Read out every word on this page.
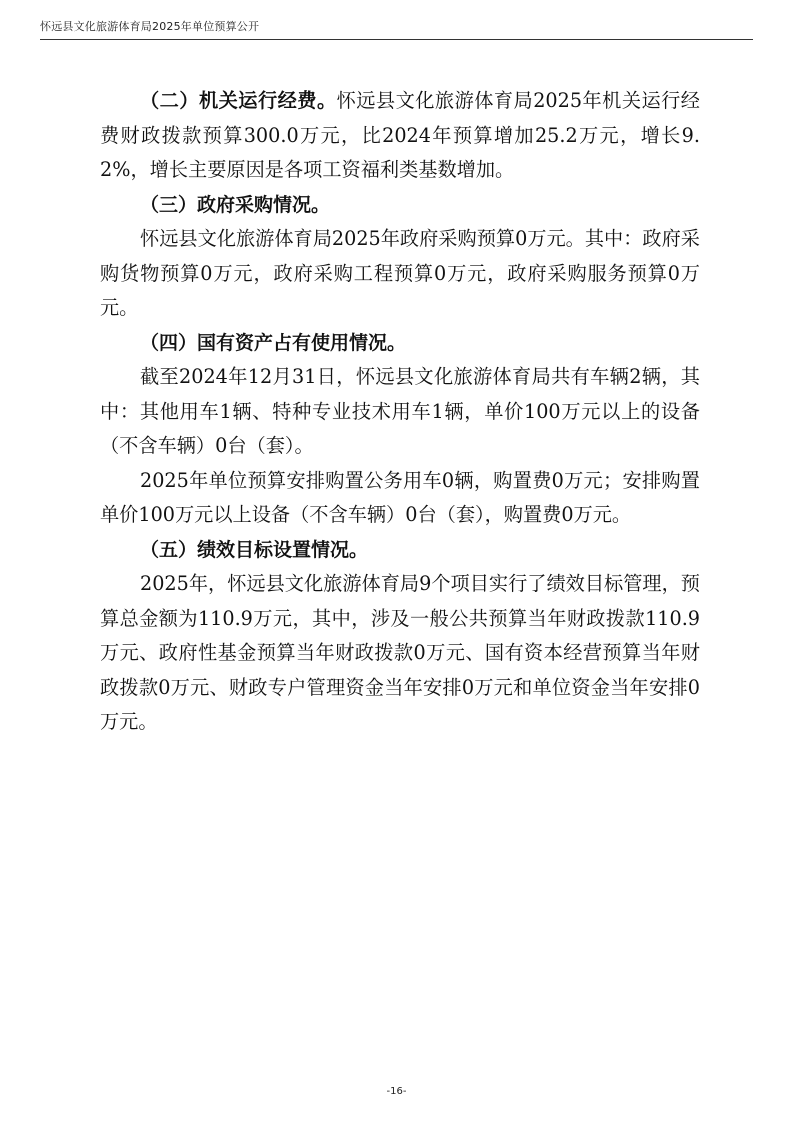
怀远县文化旅游体育局2025年单位预算公开

（二）机关运行经费。怀远县文化旅游体育局2025年机关运行经费财政拨款预算300.0万元，比2024年预算增加25.2万元，增长9.2%，增长主要原因是各项工资福利类基数增加。

（三）政府采购情况。

怀远县文化旅游体育局2025年政府采购预算0万元。其中：政府采购货物预算0万元，政府采购工程预算0万元，政府采购服务预算0万元。

（四）国有资产占有使用情况。

截至2024年12月31日，怀远县文化旅游体育局共有车辆2辆，其中：其他用车1辆、特种专业技术用车1辆，单价100万元以上的设备（不含车辆）0台（套）。

2025年单位预算安排购置公务用车0辆，购置费0万元；安排购置单价100万元以上设备（不含车辆）0台（套），购置费0万元。

（五）绩效目标设置情况。

2025年，怀远县文化旅游体育局9个项目实行了绩效目标管理，预算总金额为110.9万元，其中，涉及一般公共预算当年财政拨款110.9万元、政府性基金预算当年财政拨款0万元、国有资本经营预算当年财政拨款0万元、财政专户管理资金当年安排0万元和单位资金当年安排0万元。

-16-
